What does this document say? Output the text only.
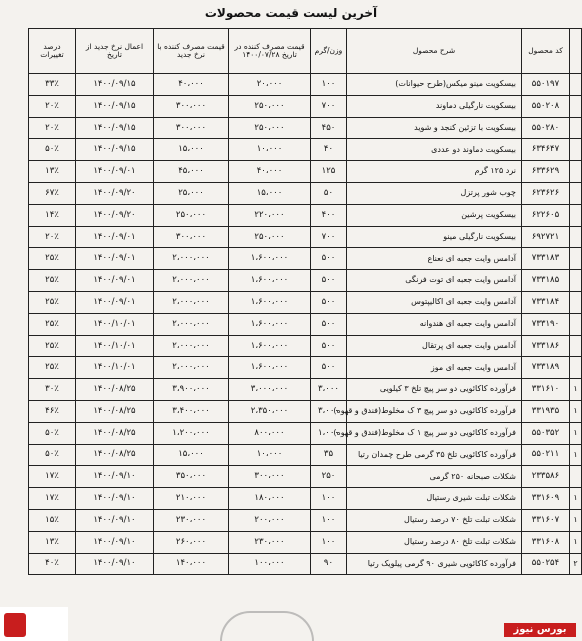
آخرین لیست قیمت محصولات
	کد محصول	شرح محصول	وزن/گرم	قیمت مصرف کننده در تاریخ ۱۴۰۰/۰۷/۲۸	قیمت مصرف کننده با نرخ جدید	اعمال نرخ جدید از تاریخ	درصد تغییرات
	۵۵۰۱۹۷	بیسکویت مینو میکس(طرح حیوانات)	۱۰۰	۲۰،۰۰۰	۴۰،۰۰۰	۱۴۰۰/۰۹/۱۵	۳۳٪
	۵۵۰۲۰۸	بیسکویت نارگیلی دماوند	۷۰۰	۲۵۰،۰۰۰	۳۰۰،۰۰۰	۱۴۰۰/۰۹/۱۵	۲۰٪
	۵۵۰۲۸۰	بیسکویت با تزئین کنجد و شوید	۴۵۰	۲۵۰،۰۰۰	۳۰۰،۰۰۰	۱۴۰۰/۰۹/۱۵	۲۰٪
	۶۳۴۶۴۷	بیسکویت دماوند دو عددی	۴۰	۱۰،۰۰۰	۱۵،۰۰۰	۱۴۰۰/۰۹/۱۵	۵۰٪
	۶۳۳۶۲۹	نرد ۱۲۵ گرم	۱۲۵	۴۰،۰۰۰	۴۵،۰۰۰	۱۴۰۰/۰۹/۰۱	۱۳٪
	۶۲۳۶۲۶	چوب شور پرتزل	۵۰	۱۵،۰۰۰	۲۵،۰۰۰	۱۴۰۰/۰۹/۲۰	۶۷٪
	۶۲۲۶۰۵	بیسکویت پرشین	۴۰۰	۲۲۰،۰۰۰	۲۵۰،۰۰۰	۱۴۰۰/۰۹/۲۰	۱۴٪
	۶۹۲۷۲۱	بیسکویت نارگیلی مینو	۷۰۰	۲۵۰،۰۰۰	۳۰۰،۰۰۰	۱۴۰۰/۰۹/۰۱	۲۰٪
	۷۳۳۱۸۳	آدامس وایت جعبه ای نعناع	۵۰۰	۱،۶۰۰،۰۰۰	۲،۰۰۰،۰۰۰	۱۴۰۰/۰۹/۰۱	۲۵٪
	۷۳۳۱۸۵	آدامس وایت جعبه ای توت فرنگی	۵۰۰	۱،۶۰۰،۰۰۰	۲،۰۰۰،۰۰۰	۱۴۰۰/۰۹/۰۱	۲۵٪
	۷۳۳۱۸۴	آدامس وایت جعبه ای اکالیپتوس	۵۰۰	۱،۶۰۰،۰۰۰	۲،۰۰۰،۰۰۰	۱۴۰۰/۰۹/۰۱	۲۵٪
	۷۳۳۱۹۰	آدامس وایت جعبه ای هندوانه	۵۰۰	۱،۶۰۰،۰۰۰	۲،۰۰۰،۰۰۰	۱۴۰۰/۱۰/۰۱	۲۵٪
	۷۳۳۱۸۶	آدامس وایت جعبه ای پرتقال	۵۰۰	۱،۶۰۰،۰۰۰	۲،۰۰۰،۰۰۰	۱۴۰۰/۱۰/۰۱	۲۵٪
	۷۳۳۱۸۹	آدامس وایت جعبه ای موز	۵۰۰	۱،۶۰۰،۰۰۰	۲،۰۰۰،۰۰۰	۱۴۰۰/۱۰/۰۱	۲۵٪
۱	۳۳۱۶۱۰	فرآورده کاکائویی دو سر پیچ تلخ ۳ کیلویی	۳،۰۰۰	۳،۰۰۰،۰۰۰	۳،۹۰۰،۰۰۰	۱۴۰۰/۰۸/۲۵	۳۰٪
۱	۳۳۱۹۳۵	فرآورده کاکائویی دو سر پیچ ۳ ک مخلوط(فندق و قهوه)	۳،۰۰۰	۲،۳۵۰،۰۰۰	۳،۴۰۰،۰۰۰	۱۴۰۰/۰۸/۲۵	۴۶٪
۱	۵۵۰۳۵۲	فرآورده کاکائویی دو سر پیچ ۱ ک مخلوط(فندق و قهوه)	۱،۰۰۰	۸۰۰،۰۰۰	۱،۲۰۰،۰۰۰	۱۴۰۰/۰۸/۲۵	۵۰٪
۱	۵۵۰۲۱۱	فرآورده کاکائویی تلخ ۳۵ گرمی طرح چمدان رتیا	۳۵	۱۰،۰۰۰	۱۵،۰۰۰	۱۴۰۰/۰۸/۲۵	۵۰٪
	۲۳۳۵۸۶	شکلات صبحانه ۲۵۰ گرمی	۲۵۰	۳۰۰،۰۰۰	۳۵۰،۰۰۰	۱۴۰۰/۰۹/۱۰	۱۷٪
۱	۳۳۱۶۰۹	شکلات تبلت شیری رستیال	۱۰۰	۱۸۰،۰۰۰	۲۱۰،۰۰۰	۱۴۰۰/۰۹/۱۰	۱۷٪
۱	۳۳۱۶۰۷	شکلات تبلت تلخ ۷۰ درصد رستیال	۱۰۰	۲۰۰،۰۰۰	۲۳۰،۰۰۰	۱۴۰۰/۰۹/۱۰	۱۵٪
۱	۳۳۱۶۰۸	شکلات تبلت تلخ ۸۰ درصد رستیال	۱۰۰	۲۳۰،۰۰۰	۲۶۰،۰۰۰	۱۴۰۰/۰۹/۱۰	۱۳٪
۲	۵۵۰۲۵۴	فرآورده کاکائویی شیری ۹۰ گرمی پیلویک رتیا	۹۰	۱۰۰،۰۰۰	۱۴۰،۰۰۰	۱۴۰۰/۰۹/۱۰	۴۰٪
بورس نیوز
